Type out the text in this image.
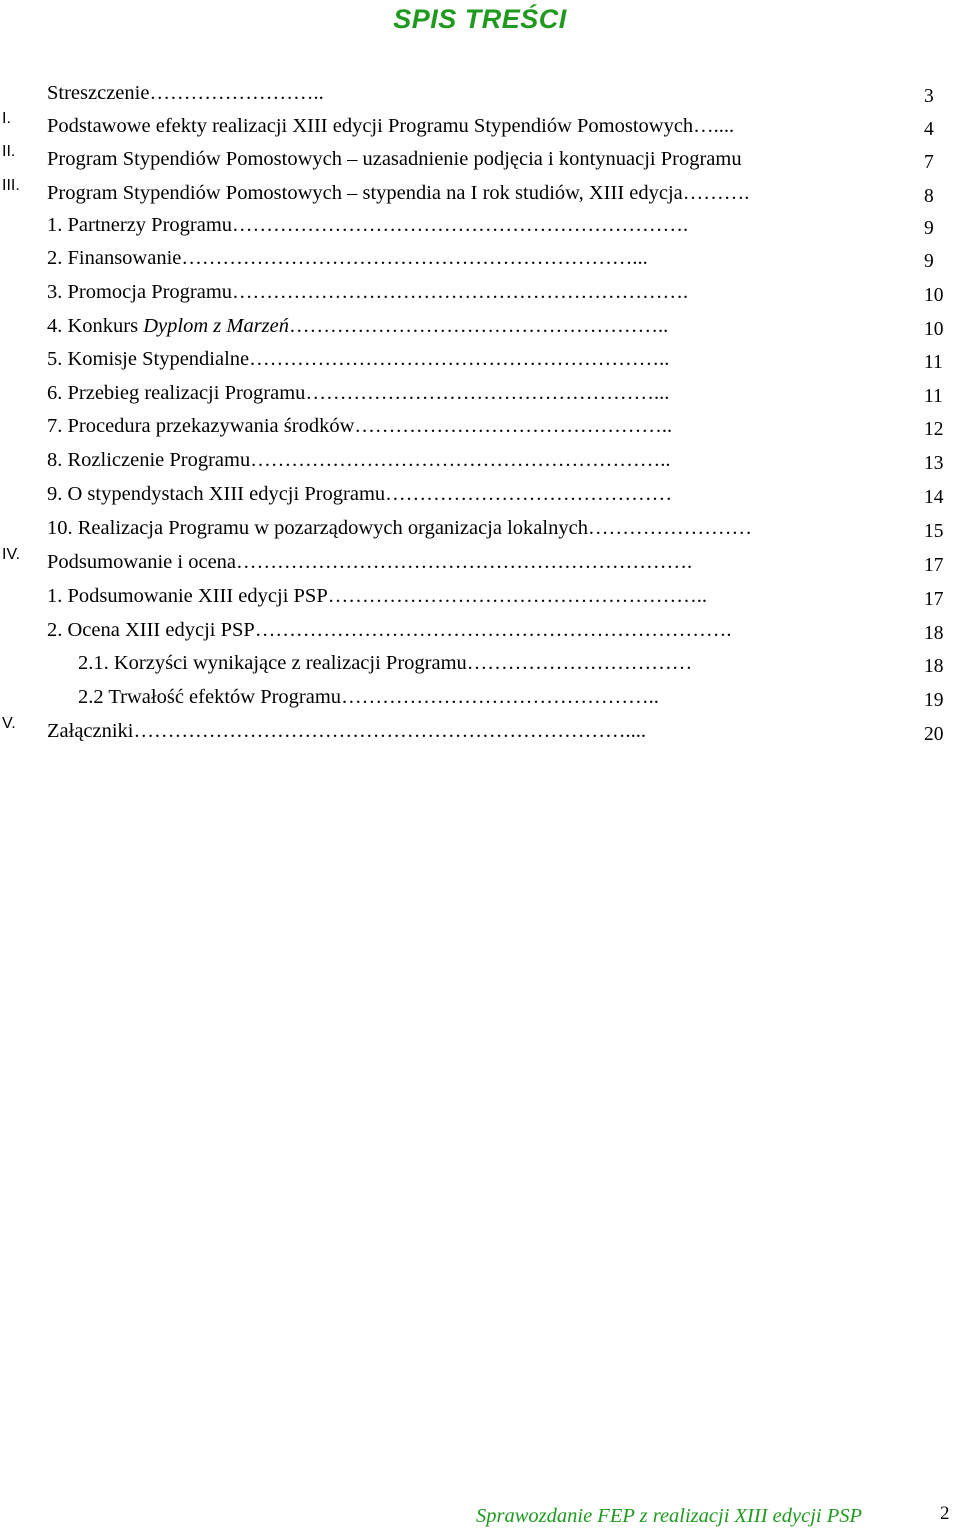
SPIS TREŚCI
Streszczenie……………………..	3
I. Podstawowe efekty realizacji XIII edycji Programu Stypendiów Pomostowych…....	4
II. Program Stypendiów Pomostowych – uzasadnienie podjęcia i kontynuacji Programu	7
III. Program Stypendiów Pomostowych – stypendia na I rok studiów, XIII edycja……….	8
1. Partnerzy Programu………………………………………………………….	9
2. Finansowanie…………………………………………………………...	9
3. Promocja Programu………………………………………………………….	10
4. Konkurs Dyplom z Marzeń………………………………………………..	10
5. Komisje Stypendialne……………………………………………………..	11
6. Przebieg realizacji Programu……………………………………………...	11
7. Procedura przekazywania środków………………………………………..	12
8. Rozliczenie Programu……………………………………………………..	13
9. O stypendystach XIII edycji Programu……………………………………	14
10. Realizacja Programu w pozarządowych organizacja lokalnych……………………	15
IV. Podsumowanie i ocena………………………………………………………….	17
1. Podsumowanie XIII edycji PSP………………………………………………..	17
2. Ocena XIII edycji PSP…………………………………………………………….	18
2.1. Korzyści wynikające z realizacji Programu……………………………	18
2.2 Trwałość efektów Programu………………………………………..	19
V. Załączniki………………………………………………………………....	20
Sprawozdanie FEP z realizacji XIII edycji PSP	2
